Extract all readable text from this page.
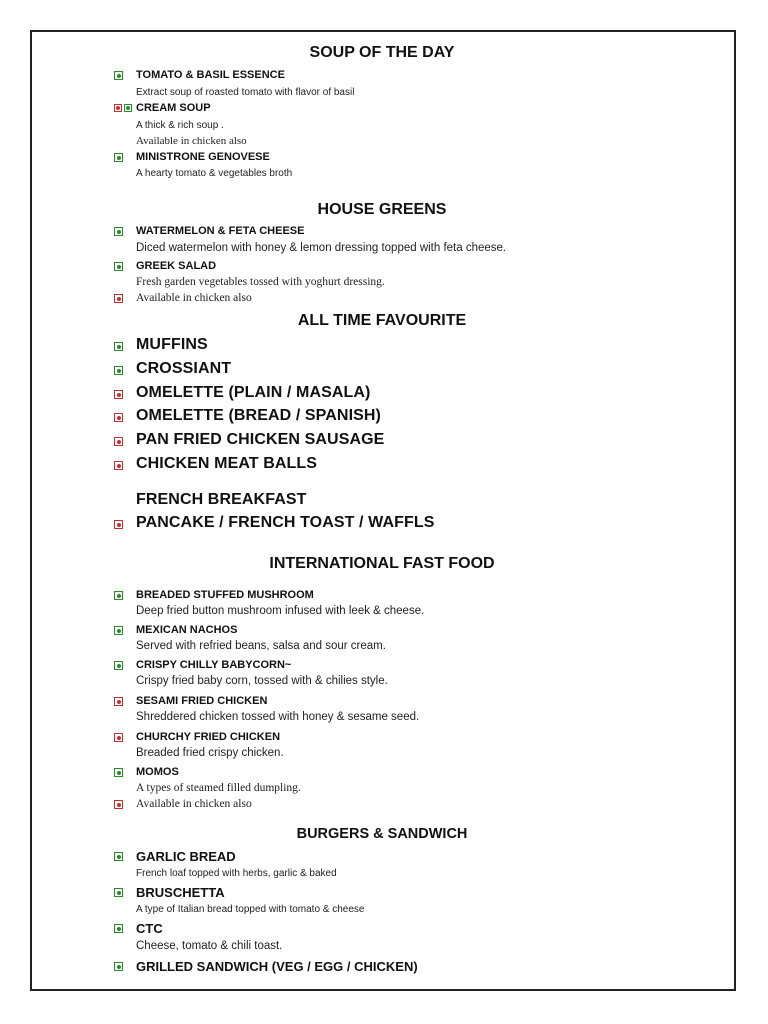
SOUP OF THE DAY
TOMATO & BASIL ESSENCE
Extract soup of roasted tomato with flavor of basil
CREAM SOUP
A thick & rich soup .
Available in chicken also
MINISTRONE GENOVESE
A hearty tomato & vegetables broth
HOUSE GREENS
WATERMELON & FETA CHEESE
Diced watermelon with honey & lemon dressing topped with feta cheese.
GREEK SALAD
Fresh garden vegetables tossed with yoghurt dressing.
Available in chicken also
ALL TIME FAVOURITE
MUFFINS
CROSSIANT
OMELETTE (PLAIN / MASALA)
OMELETTE (BREAD / SPANISH)
PAN FRIED CHICKEN SAUSAGE
CHICKEN MEAT BALLS
FRENCH BREAKFAST
PANCAKE / FRENCH TOAST / WAFFLS
INTERNATIONAL FAST FOOD
BREADED STUFFED MUSHROOM
Deep fried button mushroom infused with leek & cheese.
MEXICAN NACHOS
Served with refried beans, salsa and sour cream.
CRISPY CHILLY BABYCORN~
Crispy fried baby corn, tossed with & chilies style.
SESAMI FRIED CHICKEN
Shreddered chicken tossed with honey & sesame seed.
CHURCHY FRIED CHICKEN
Breaded fried crispy chicken.
MOMOS
A types of steamed filled dumpling.
Available in chicken also
BURGERS & SANDWICH
GARLIC BREAD
French loaf topped with herbs, garlic & baked
BRUSCHETTA
A type of Italian bread topped with tomato & cheese
CTC
Cheese, tomato & chili toast.
GRILLED SANDWICH (VEG / EGG / CHICKEN)
